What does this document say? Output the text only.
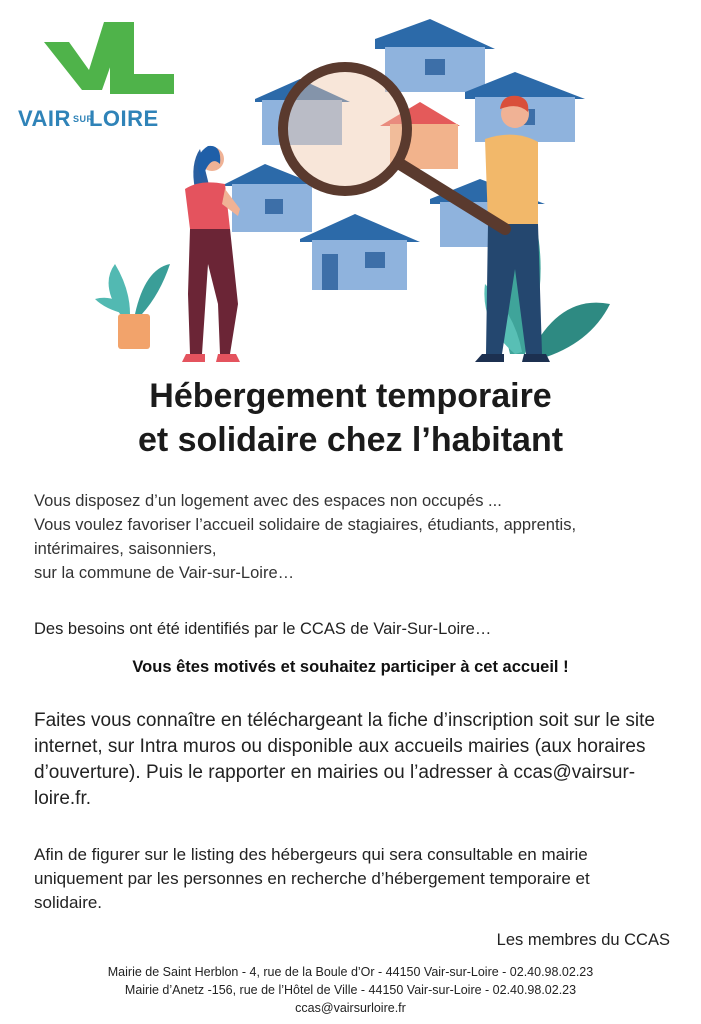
VAIR SUR
LOIRE
Hébergement temporaire
et solidaire chez l’habitant
Vous disposez d’un logement avec des espaces non occupés ...
Vous voulez favoriser l’accueil solidaire de stagiaires, étudiants, apprentis,
intérimaires, saisonniers,
sur la commune de Vair-sur-Loire…

Des besoins ont été identifiés par le CCAS de Vair-Sur-Loire…

Vous êtes motivés et souhaitez participer à cet accueil !

Faites vous connaître en téléchargeant la fiche d’inscription soit sur le site
internet, sur Intra muros ou disponible aux accueils mairies (aux horaires
d’ouverture). Puis le rapporter en mairies ou l’adresser à ccas@vairsur-
loire.fr.
Afin de figurer sur le listing des hébergeurs qui sera consultable en mairie
uniquement par les personnes en recherche d’hébergement temporaire et
solidaire.
Les membres du CCAS
Mairie de Saint Herblon - 4, rue de la Boule d’Or - 44150 Vair-sur-Loire - 02.40.98.02.23
Mairie d’Anetz -156, rue de l’Hôtel de Ville - 44150 Vair-sur-Loire - 02.40.98.02.23
ccas@vairsurloire.fr
